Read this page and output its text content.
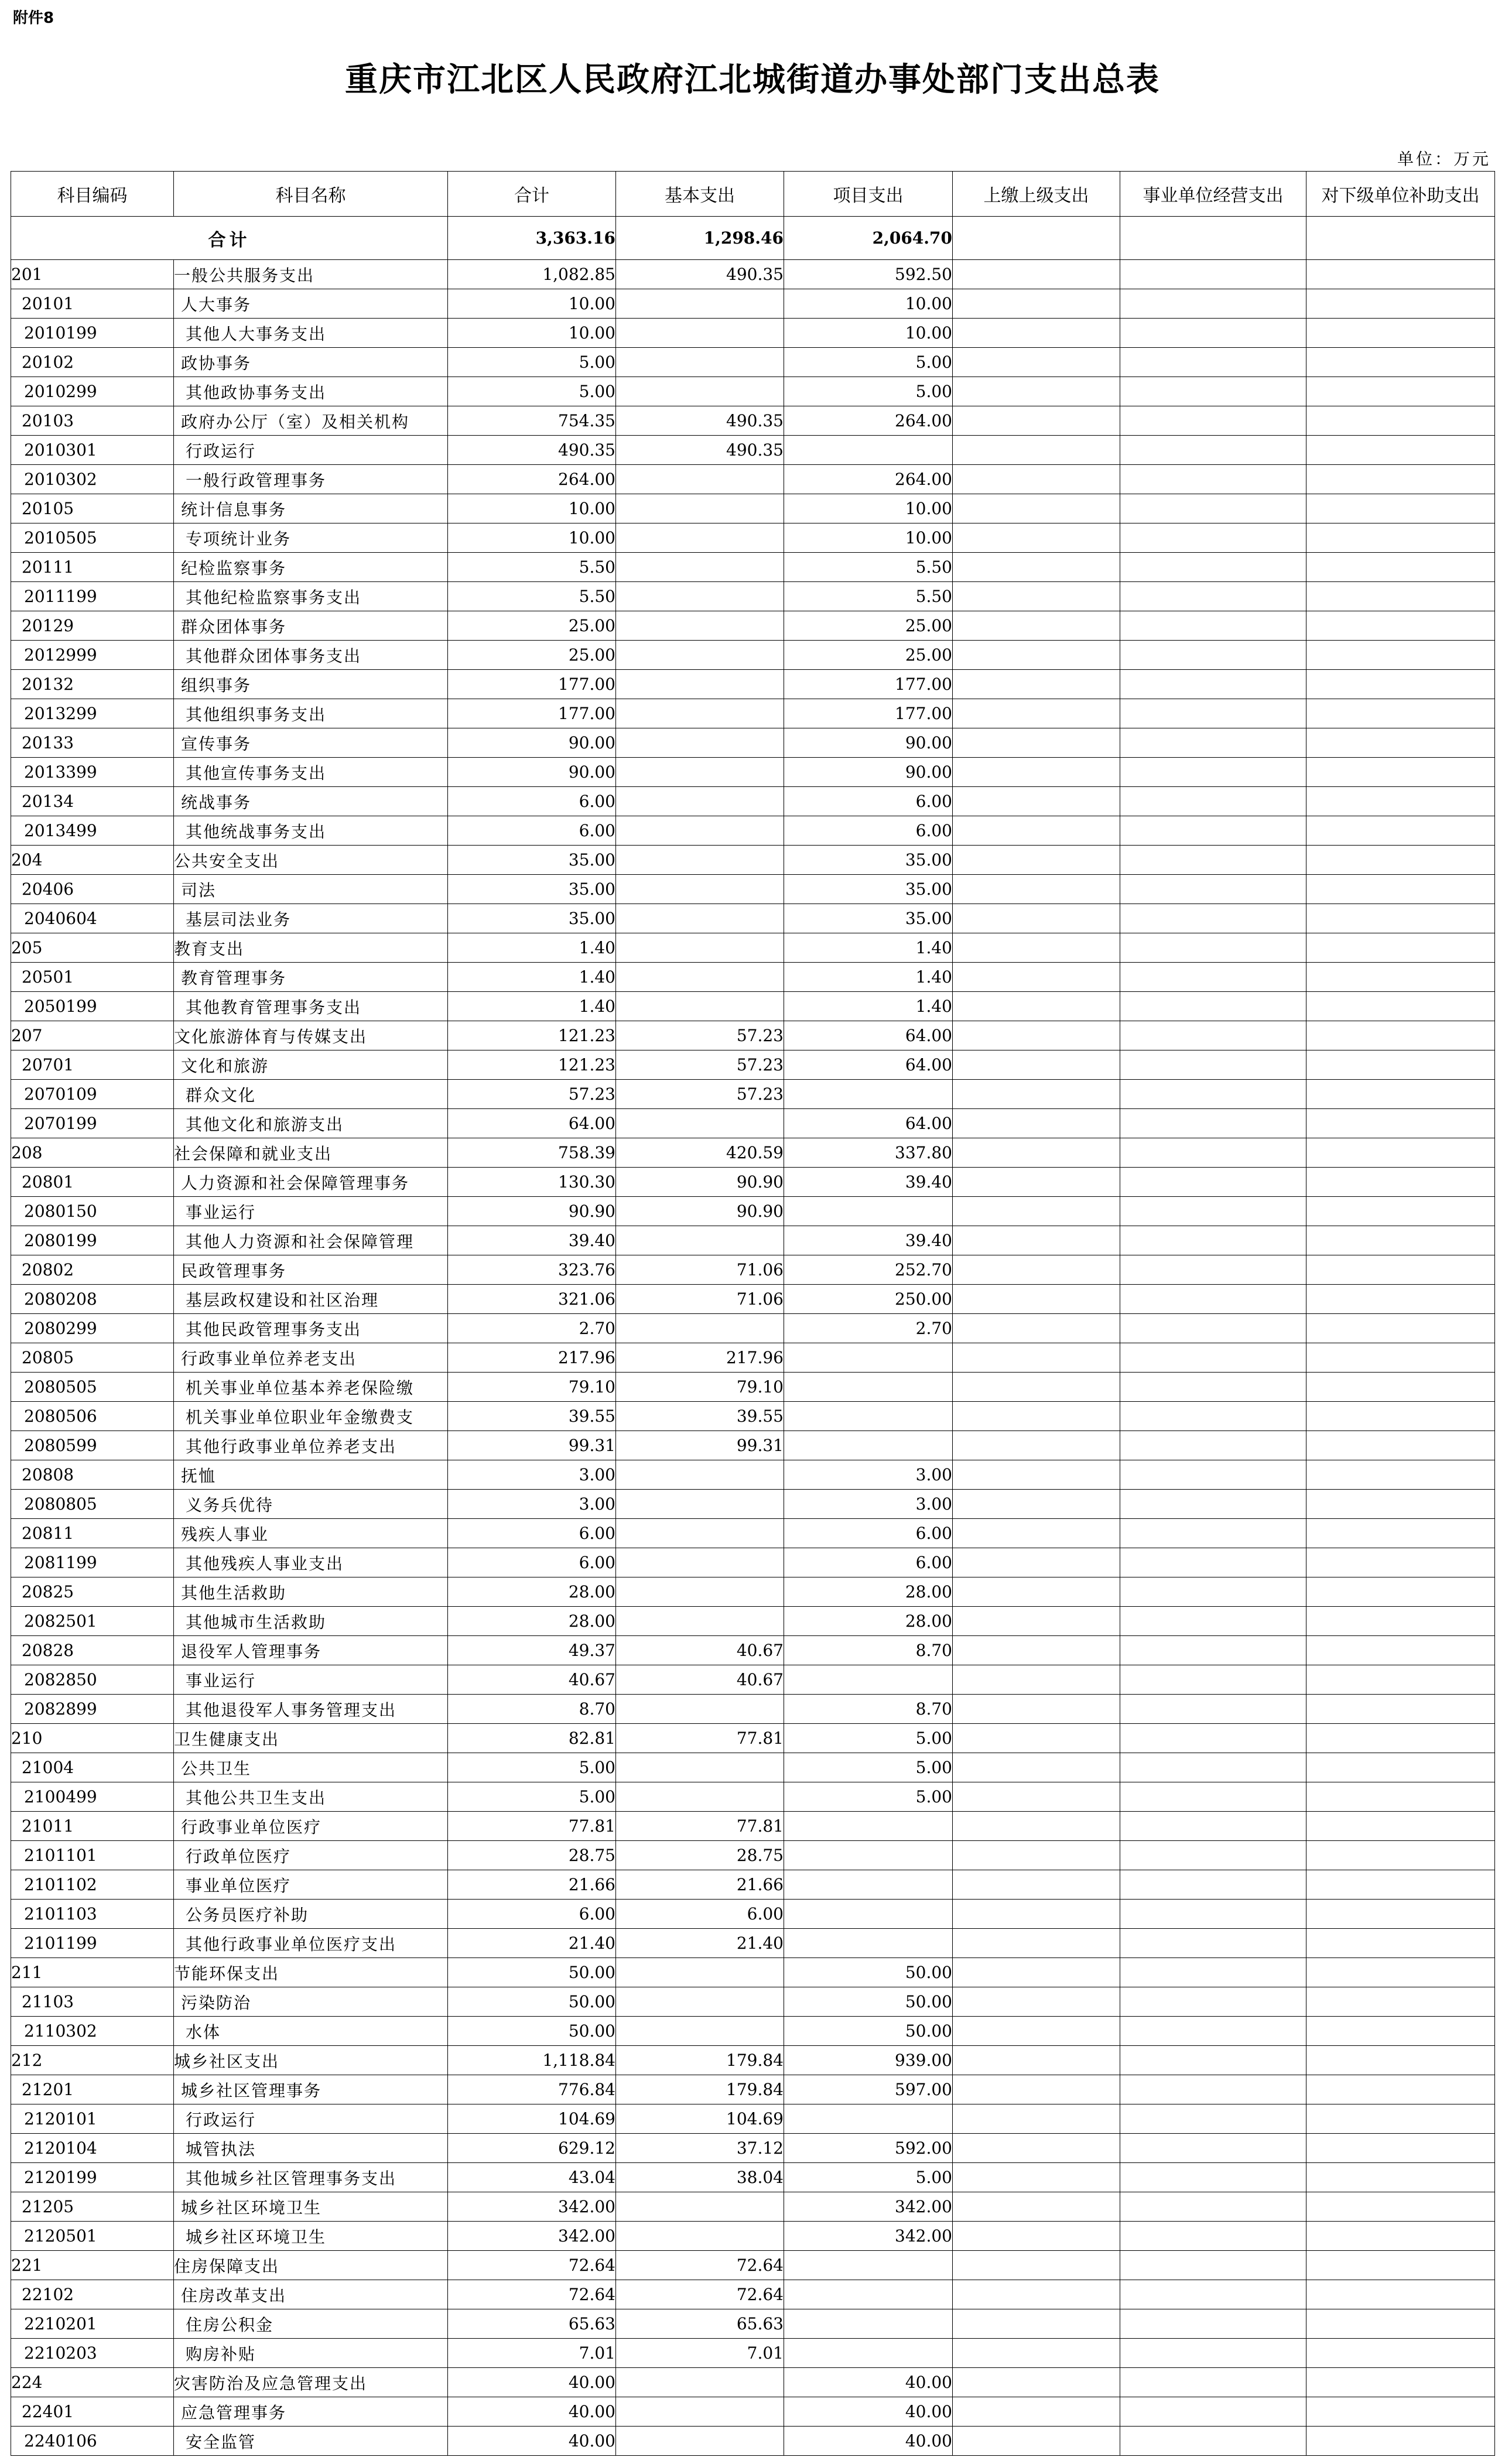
附件8
重庆市江北区人民政府江北城街道办事处部门支出总表
单位：万元
科目编码	科目名称	合计	基本支出	项目支出	上缴上级支出	事业单位经营支出	对下级单位补助支出
合计		3,363.16	1,298.46	2,064.70			
201	一般公共服务支出	1,082.85	490.35	592.50			
20101	人大事务	10.00		10.00			
2010199	其他人大事务支出	10.00		10.00			
20102	政协事务	5.00		5.00			
2010299	其他政协事务支出	5.00		5.00			
20103	政府办公厅（室）及相关机构	754.35	490.35	264.00			
2010301	行政运行	490.35	490.35				
2010302	一般行政管理事务	264.00		264.00			
20105	统计信息事务	10.00		10.00			
2010505	专项统计业务	10.00		10.00			
20111	纪检监察事务	5.50		5.50			
2011199	其他纪检监察事务支出	5.50		5.50			
20129	群众团体事务	25.00		25.00			
2012999	其他群众团体事务支出	25.00		25.00			
20132	组织事务	177.00		177.00			
2013299	其他组织事务支出	177.00		177.00			
20133	宣传事务	90.00		90.00			
2013399	其他宣传事务支出	90.00		90.00			
20134	统战事务	6.00		6.00			
2013499	其他统战事务支出	6.00		6.00			
204	公共安全支出	35.00		35.00			
20406	司法	35.00		35.00			
2040604	基层司法业务	35.00		35.00			
205	教育支出	1.40		1.40			
20501	教育管理事务	1.40		1.40			
2050199	其他教育管理事务支出	1.40		1.40			
207	文化旅游体育与传媒支出	121.23	57.23	64.00			
20701	文化和旅游	121.23	57.23	64.00			
2070109	群众文化	57.23	57.23				
2070199	其他文化和旅游支出	64.00		64.00			
208	社会保障和就业支出	758.39	420.59	337.80			
20801	人力资源和社会保障管理事务	130.30	90.90	39.40			
2080150	事业运行	90.90	90.90				
2080199	其他人力资源和社会保障管理	39.40		39.40			
20802	民政管理事务	323.76	71.06	252.70			
2080208	基层政权建设和社区治理	321.06	71.06	250.00			
2080299	其他民政管理事务支出	2.70		2.70			
20805	行政事业单位养老支出	217.96	217.96				
2080505	机关事业单位基本养老保险缴	79.10	79.10				
2080506	机关事业单位职业年金缴费支	39.55	39.55				
2080599	其他行政事业单位养老支出	99.31	99.31				
20808	抚恤	3.00		3.00			
2080805	义务兵优待	3.00		3.00			
20811	残疾人事业	6.00		6.00			
2081199	其他残疾人事业支出	6.00		6.00			
20825	其他生活救助	28.00		28.00			
2082501	其他城市生活救助	28.00		28.00			
20828	退役军人管理事务	49.37	40.67	8.70			
2082850	事业运行	40.67	40.67				
2082899	其他退役军人事务管理支出	8.70		8.70			
210	卫生健康支出	82.81	77.81	5.00			
21004	公共卫生	5.00		5.00			
2100499	其他公共卫生支出	5.00		5.00			
21011	行政事业单位医疗	77.81	77.81				
2101101	行政单位医疗	28.75	28.75				
2101102	事业单位医疗	21.66	21.66				
2101103	公务员医疗补助	6.00	6.00				
2101199	其他行政事业单位医疗支出	21.40	21.40				
211	节能环保支出	50.00		50.00			
21103	污染防治	50.00		50.00			
2110302	水体	50.00		50.00			
212	城乡社区支出	1,118.84	179.84	939.00			
21201	城乡社区管理事务	776.84	179.84	597.00			
2120101	行政运行	104.69	104.69				
2120104	城管执法	629.12	37.12	592.00			
2120199	其他城乡社区管理事务支出	43.04	38.04	5.00			
21205	城乡社区环境卫生	342.00		342.00			
2120501	城乡社区环境卫生	342.00		342.00			
221	住房保障支出	72.64	72.64				
22102	住房改革支出	72.64	72.64				
2210201	住房公积金	65.63	65.63				
2210203	购房补贴	7.01	7.01				
224	灾害防治及应急管理支出	40.00		40.00			
22401	应急管理事务	40.00		40.00			
2240106	安全监管	40.00		40.00			
